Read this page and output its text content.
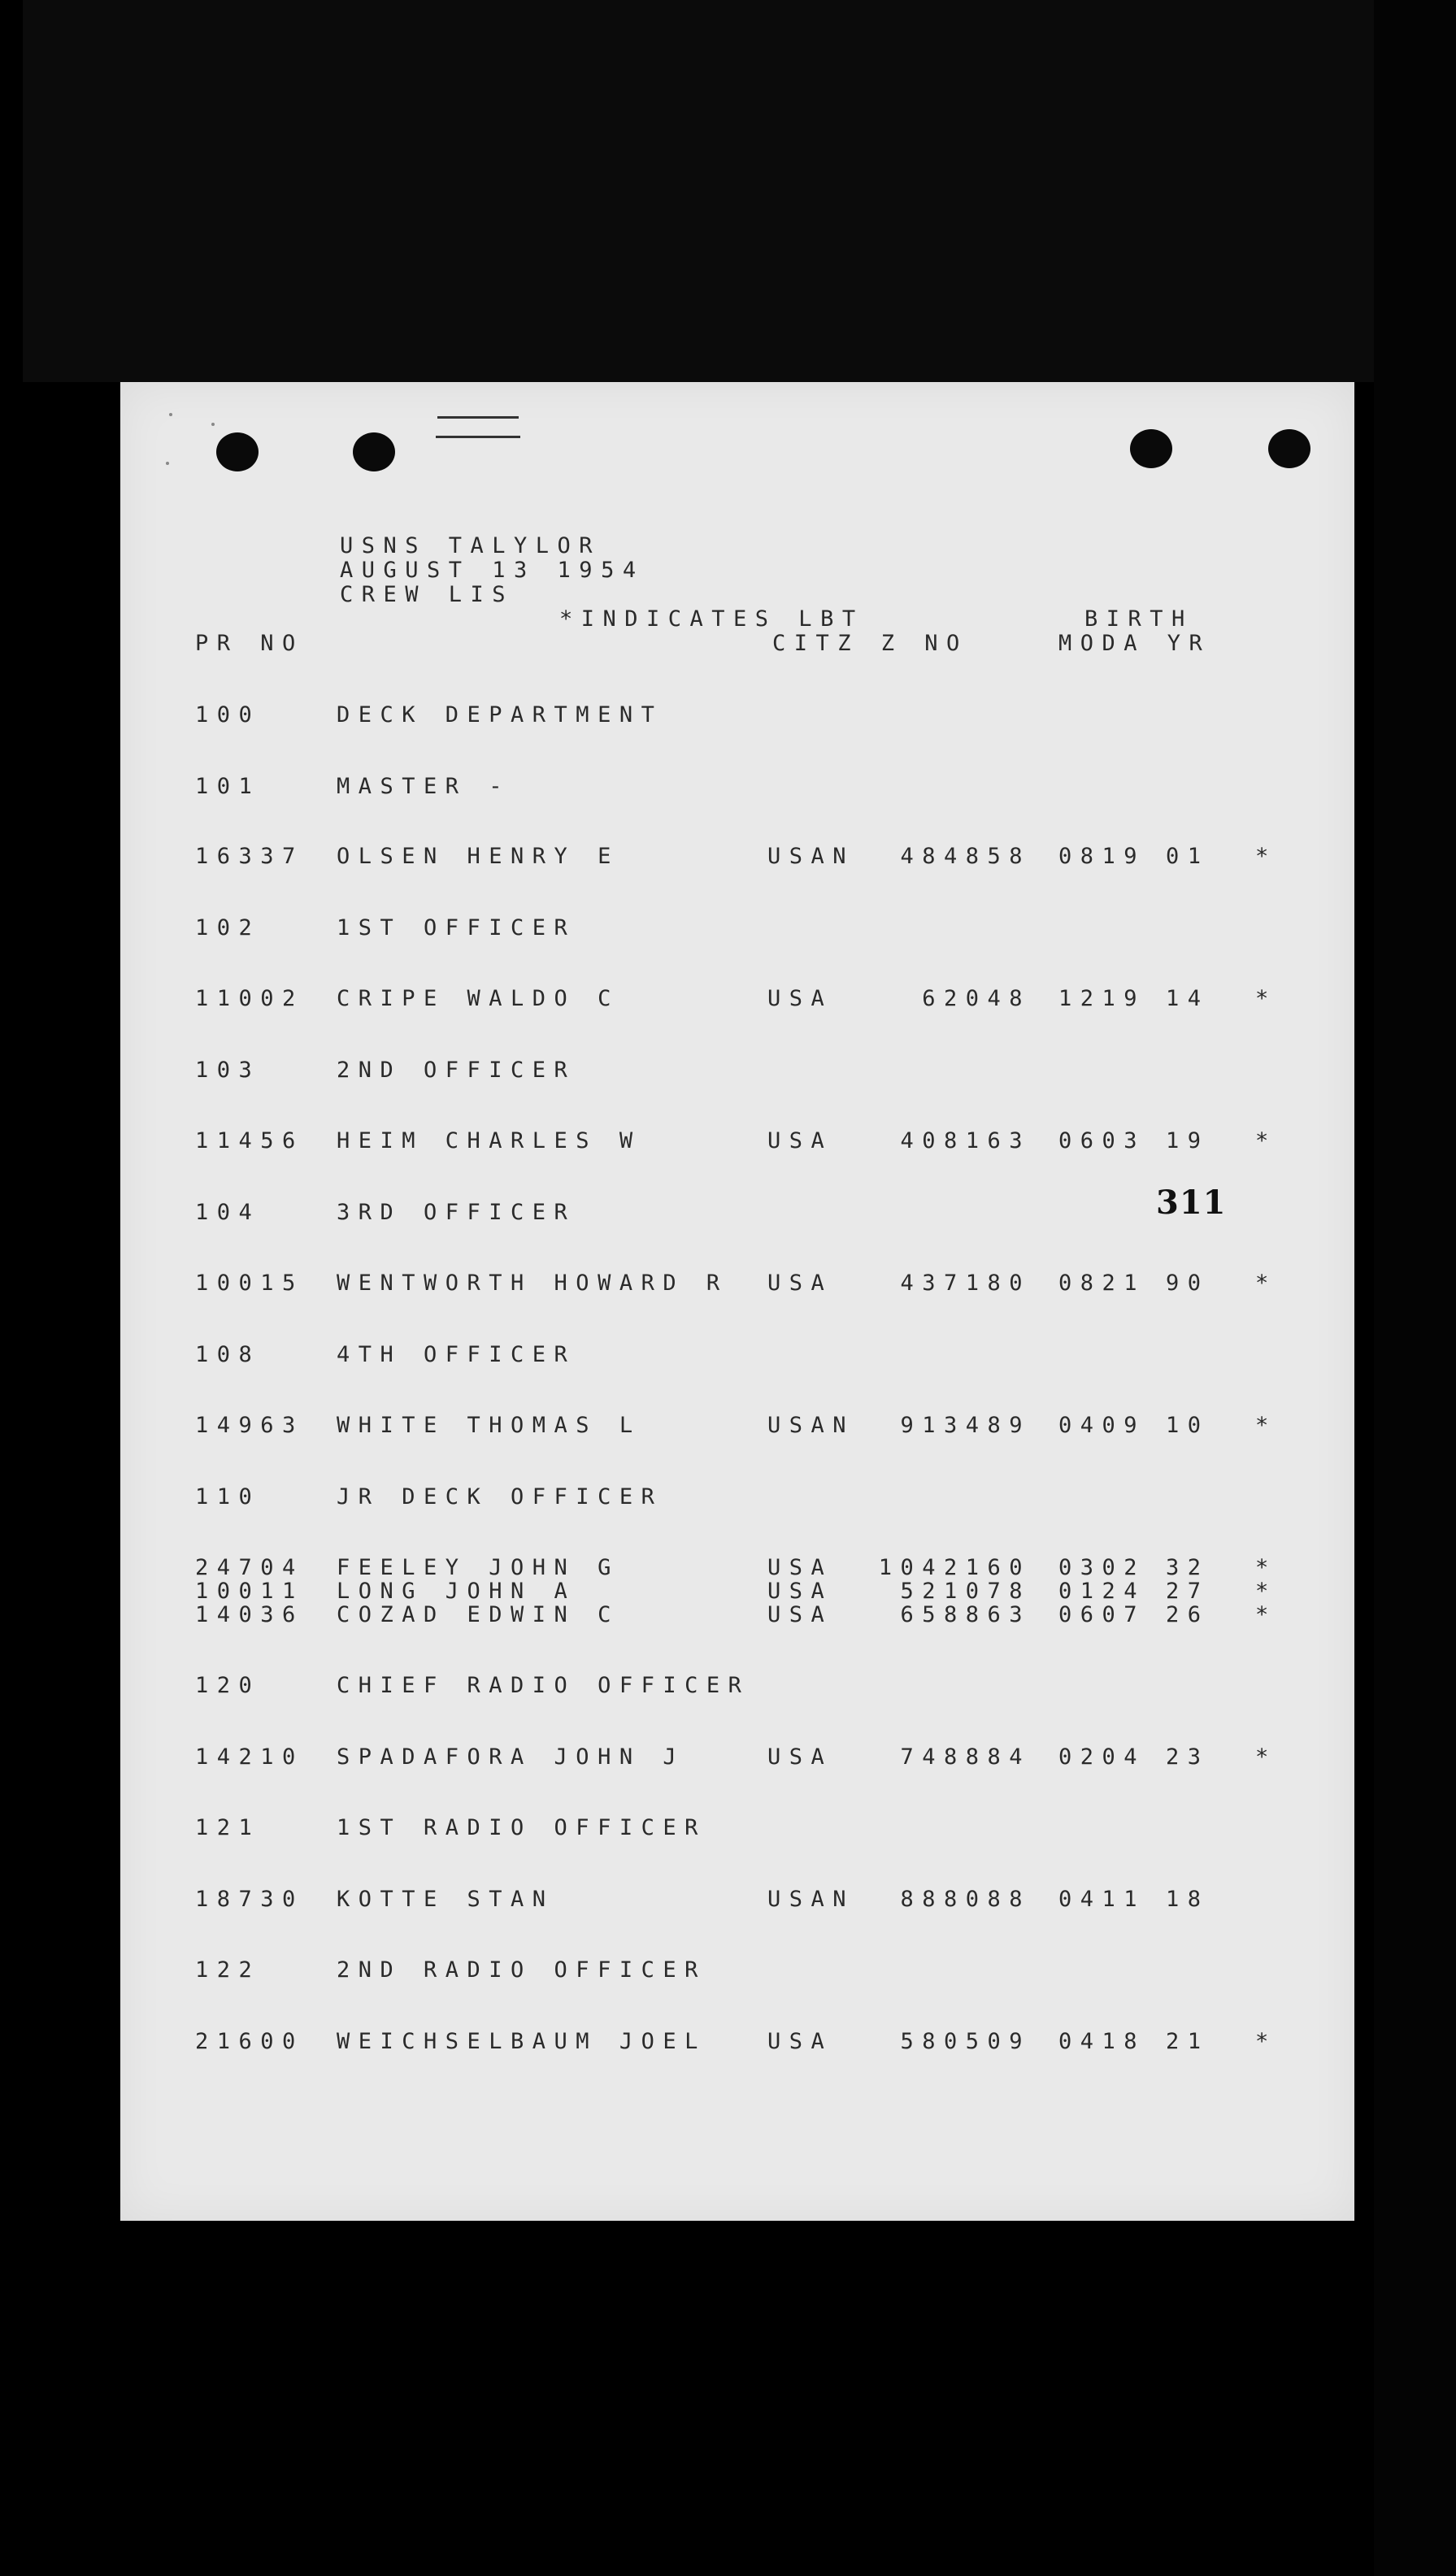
USNS TALYLOR
AUGUST 13 1954
CREW LIS
*INDICATES LBT	BIRTH
PR NO	CITZ Z NO	MODA YR
311
100	DECK DEPARTMENT
101	MASTER -
16337 OLSEN HENRY E	USAN 484858 0819 01 *
102	1ST OFFICER
11002 CRIPE WALDO C	USA	62048 1219 14 *
103	2ND OFFICER
11456 HEIM CHARLES W	USA	408163 0603 19 *
104	3RD OFFICER
10015 WENTWORTH HOWARD R USA	437180 0821 90 *
108	4TH OFFICER
14963 WHITE THOMAS L	USAN 913489 0409 10 *
110	JR DECK OFFICER
24704 FEELEY JOHN G	USA 1042160 0302 32 *
10011 LONG JOHN A	USA	521078 0124 27 *
14036 COZAD EDWIN C	USA	658863 0607 26 *
120	CHIEF RADIO OFFICER
14210 SPADAFORA JOHN J	USA	748884 0204 23 *
121	1ST RADIO OFFICER
18730 KOTTE STAN	USAN 888088 0411 18
122	2ND RADIO OFFICER
21600 WEICHSELBAUM JOEL	USA	580509 0418 21 *
